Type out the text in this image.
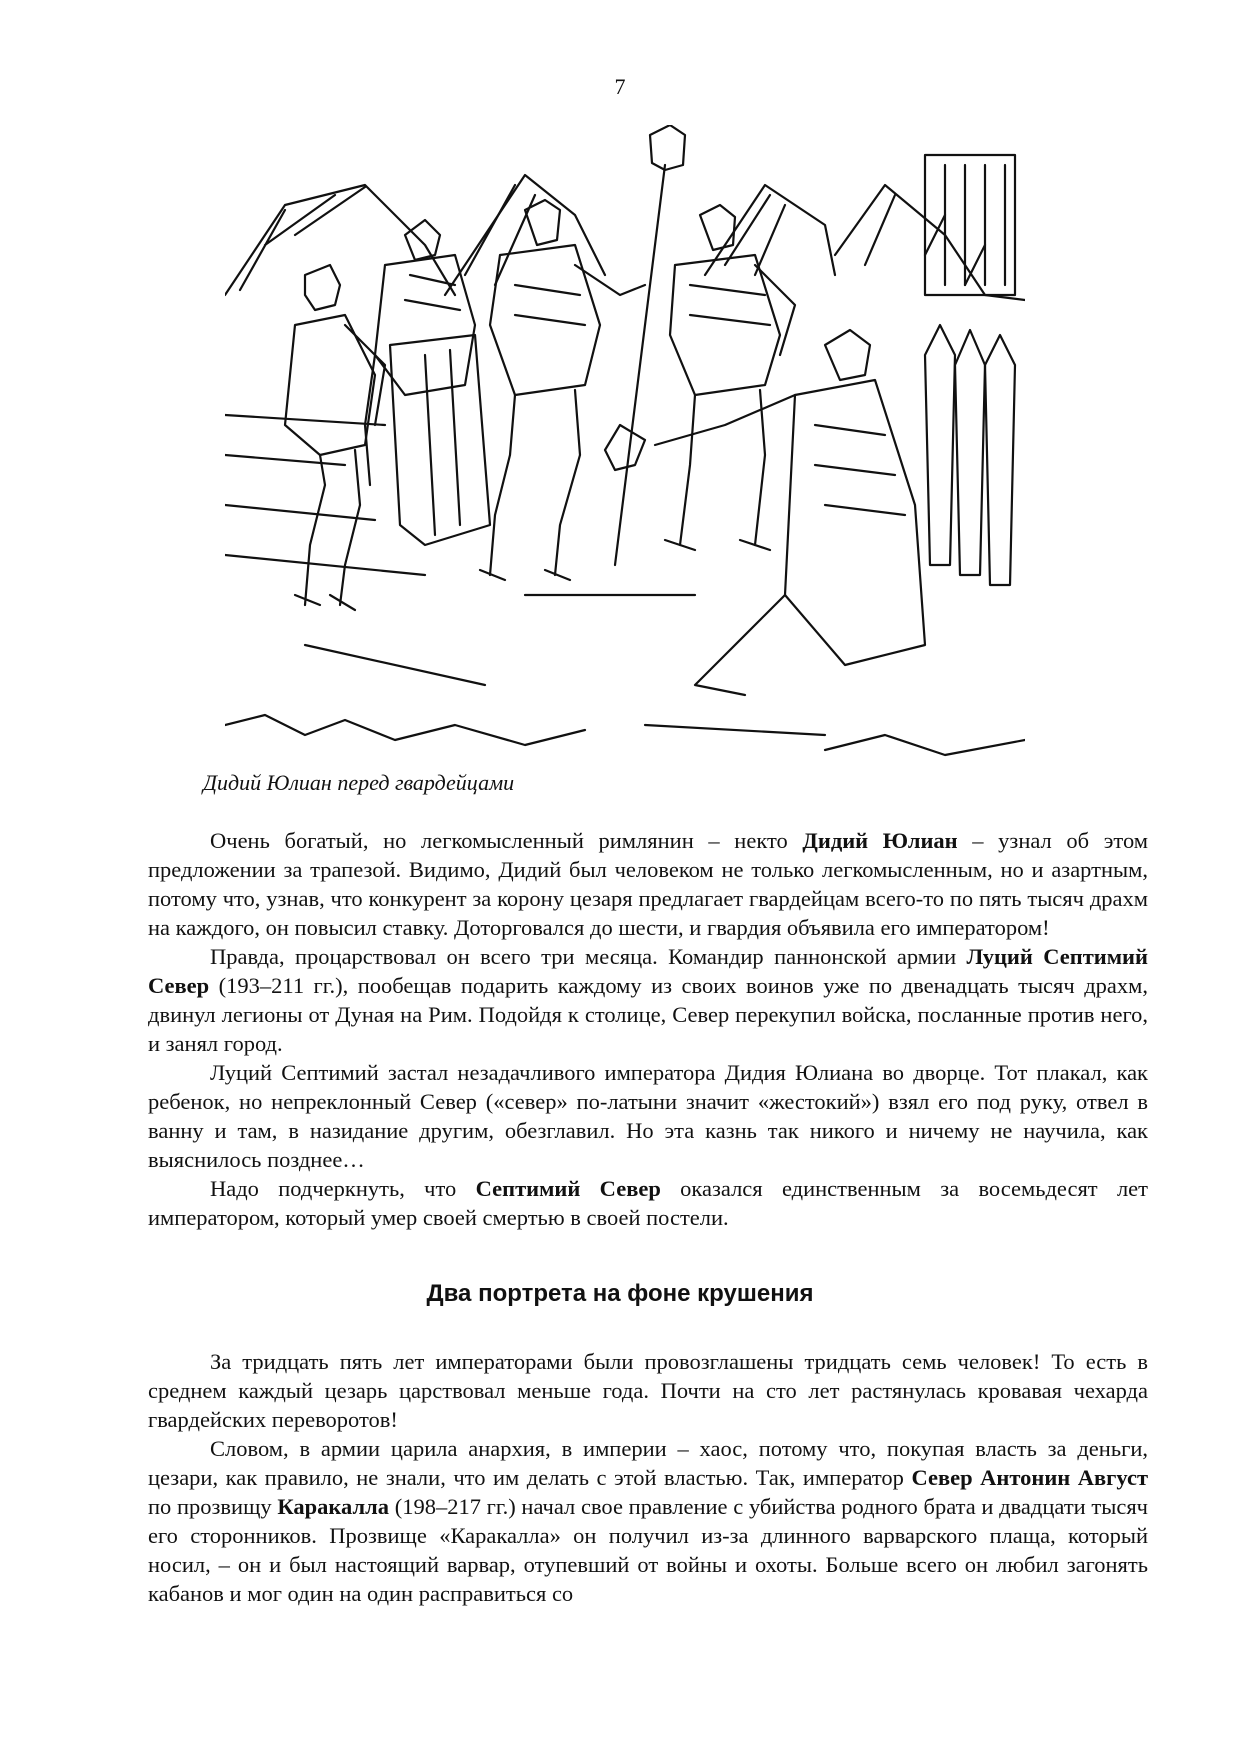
7
Дидий Юлиан перед гвардейцами

Очень богатый, но легкомысленный римлянин – некто Дидий Юлиан – узнал об этом предложении за трапезой. Видимо, Дидий был человеком не только легкомысленным, но и азартным, потому что, узнав, что конкурент за корону цезаря предлагает гвардейцам всего-то по пять тысяч драхм на каждого, он повысил ставку. Доторговался до шести, и гвардия объявила его императором!

Правда, процарствовал он всего три месяца. Командир паннонской армии Луций Септимий Север (193–211 гг.), пообещав подарить каждому из своих воинов уже по двенадцать тысяч драхм, двинул легионы от Дуная на Рим. Подойдя к столице, Север перекупил войска, посланные против него, и занял город.

Луций Септимий застал незадачливого императора Дидия Юлиана во дворце. Тот плакал, как ребенок, но непреклонный Север («север» по-латыни значит «жестокий») взял его под руку, отвел в ванну и там, в назидание другим, обезглавил. Но эта казнь так никого и ничему не научила, как выяснилось позднее…

Надо подчеркнуть, что Септимий Север оказался единственным за восемьдесят лет императором, который умер своей смертью в своей постели.

Два портрета на фоне крушения

За тридцать пять лет императорами были провозглашены тридцать семь человек! То есть в среднем каждый цезарь царствовал меньше года. Почти на сто лет растянулась кровавая чехарда гвардейских переворотов!

Словом, в армии царила анархия, в империи – хаос, потому что, покупая власть за деньги, цезари, как правило, не знали, что им делать с этой властью. Так, император Север Антонин Август по прозвищу Каракалла (198–217 гг.) начал свое правление с убийства родного брата и двадцати тысяч его сторонников. Прозвище «Каракалла» он получил из-за длинного варварского плаща, который носил, – он и был настоящий варвар, отупевший от войны и охоты. Больше всего он любил загонять кабанов и мог один на один расправиться со
